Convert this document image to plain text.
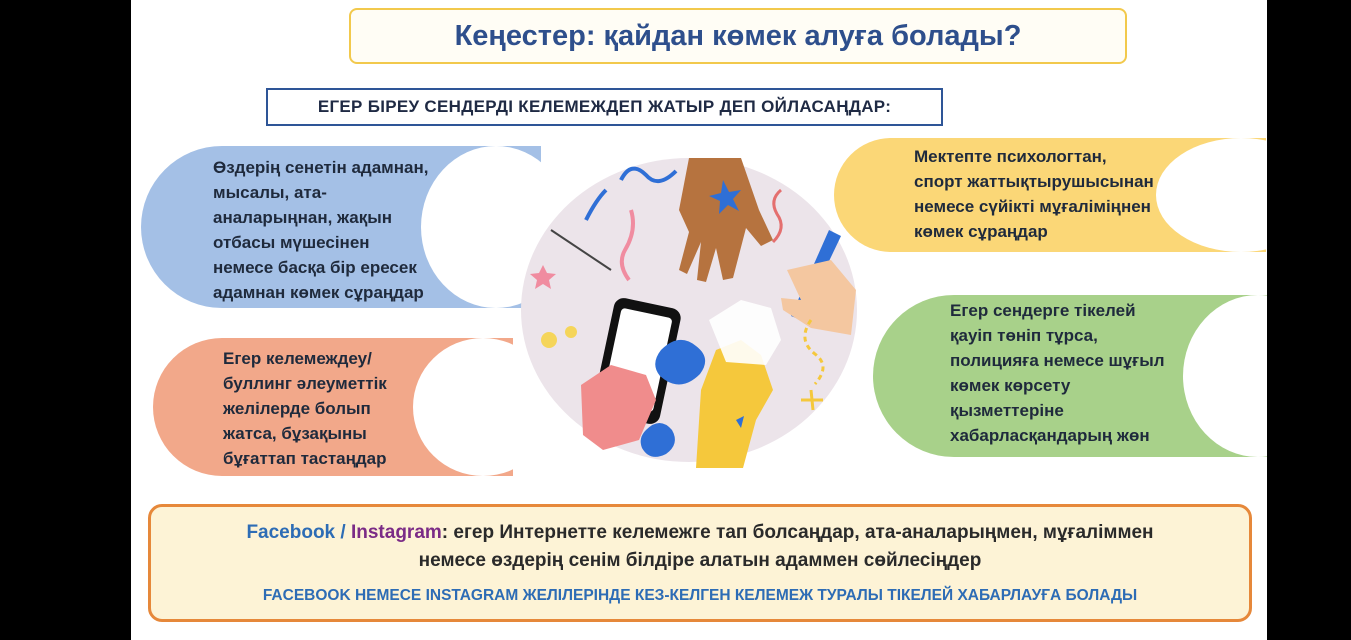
Кеңестер: қайдан көмек алуға болады?
ЕГЕР БІРЕУ СЕНДЕРДІ КЕЛЕМЕЖДЕП ЖАТЫР ДЕП ОЙЛАСАҢДАР:
Өздерің сенетін адамнан,
мысалы, ата-
аналарыңнан, жақын
отбасы мүшесінен
немесе басқа бір ересек
адамнан көмек сұраңдар
Егер келемеждеу/
буллинг әлеуметтік
желілерде болып
жатса, бұзақыны
бұғаттап тастаңдар
Мектепте психологтан,
спорт жаттықтырушысынан
немесе сүйікті мұғаліміңнен
көмек сұраңдар
Егер сендерге тікелей
қауіп төніп тұрса,
полицияға немесе шұғыл
көмек көрсету
қызметтеріне
хабарласқандарың жөн
Facebook / Instagram: егер Интернетте келемежге тап болсаңдар, ата-аналарыңмен, мұғаліммен
немесе өздерің сенім білдіре алатын адаммен сөйлесіңдер
FACEBOOK НЕМЕСЕ INSTAGRAM ЖЕЛІЛЕРІНДЕ КЕЗ-КЕЛГЕН КЕЛЕМЕЖ ТУРАЛЫ ТІКЕЛЕЙ ХАБАРЛАУҒА БОЛАДЫ
